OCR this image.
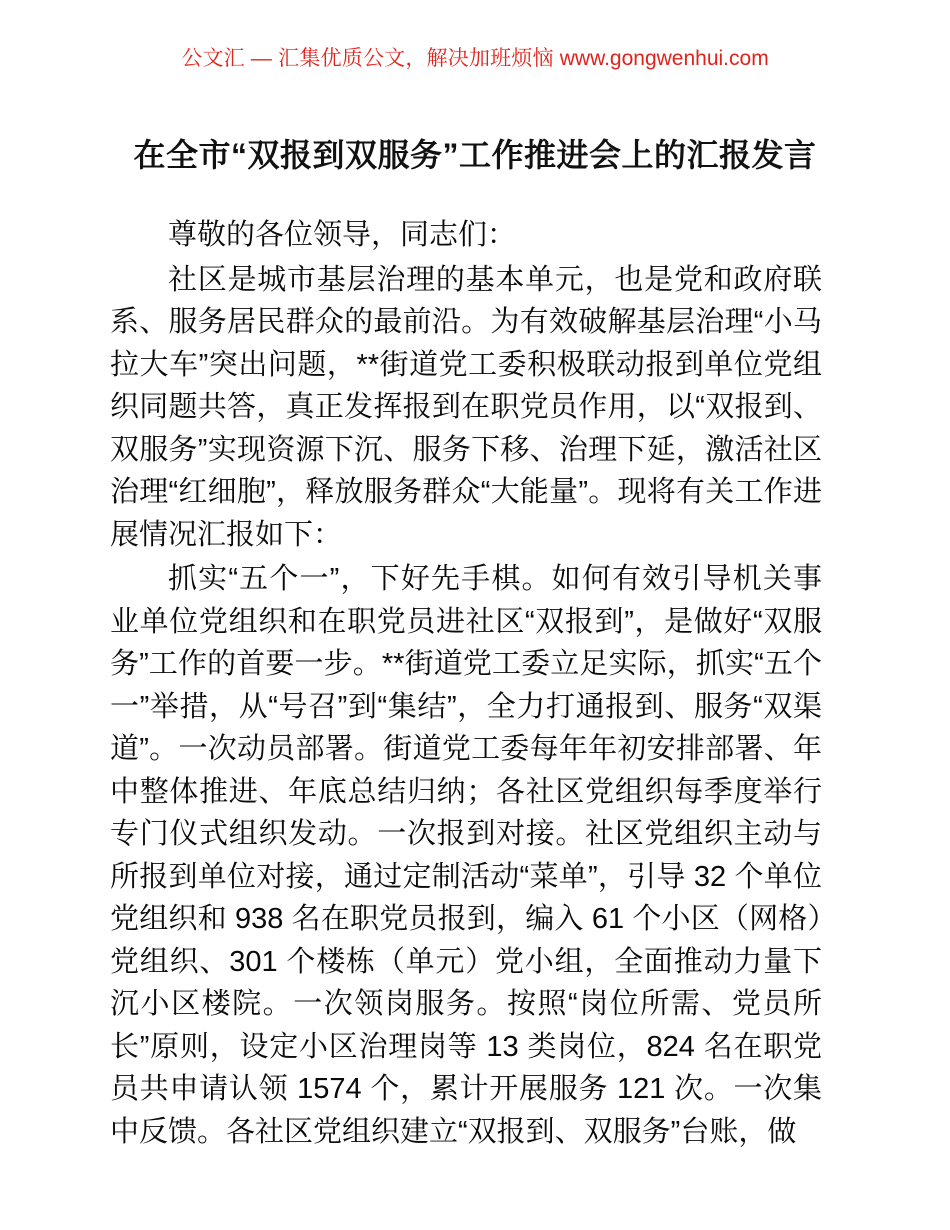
公文汇 — 汇集优质公文，解决加班烦恼 www.gongwenhui.com
在全市“双报到双服务”工作推进会上的汇报发言

尊敬的各位领导，同志们：

社区是城市基层治理的基本单元，也是党和政府联系、服务居民群众的最前沿。为有效破解基层治理“小马拉大车”突出问题，**街道党工委积极联动报到单位党组织同题共答，真正发挥报到在职党员作用，以“双报到、双服务”实现资源下沉、服务下移、治理下延，激活社区治理“红细胞”，释放服务群众“大能量”。现将有关工作进展情况汇报如下：

抓实“五个一”，下好先手棋。如何有效引导机关事业单位党组织和在职党员进社区“双报到”，是做好“双服务”工作的首要一步。**街道党工委立足实际，抓实“五个一”举措，从“号召”到“集结”，全力打通报到、服务“双渠道”。一次动员部署。街道党工委每年年初安排部署、年中整体推进、年底总结归纳；各社区党组织每季度举行专门仪式组织发动。一次报到对接。社区党组织主动与所报到单位对接，通过定制活动“菜单”，引导 32 个单位党组织和 938 名在职党员报到，编入 61 个小区（网格）党组织、301 个楼栋（单元）党小组，全面推动力量下沉小区楼院。一次领岗服务。按照“岗位所需、党员所长”原则，设定小区治理岗等 13 类岗位，824 名在职党员共申请认领 1574 个，累计开展服务 121 次。一次集中反馈。各社区党组织建立“双报到、双服务”台账，做
